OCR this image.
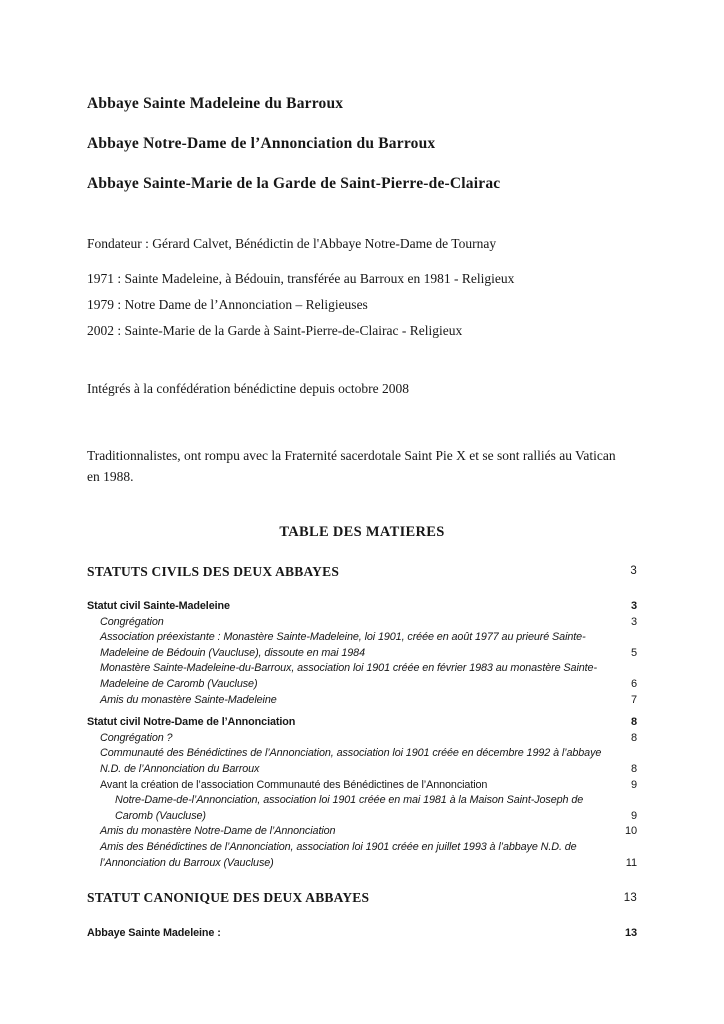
Abbaye Sainte Madeleine du Barroux

Abbaye Notre-Dame de l’Annonciation du Barroux

Abbaye Sainte-Marie de la Garde de Saint-Pierre-de-Clairac

Fondateur : Gérard Calvet, Bénédictin de l'Abbaye Notre-Dame de Tournay

1971 : Sainte Madeleine, à Bédouin, transférée au Barroux en 1981 - Religieux

1979 : Notre Dame de l’Annonciation – Religieuses

2002 : Sainte-Marie de la Garde à Saint-Pierre-de-Clairac - Religieux

Intégrés à la confédération bénédictine depuis octobre 2008

Traditionnalistes, ont rompu avec la Fraternité sacerdotale Saint Pie X et se sont ralliés au Vatican en 1988.

TABLE DES MATIERES

STATUTS CIVILS DES DEUX ABBAYES	3
Statut civil Sainte-Madeleine	3
Congrégation	3
Association préexistante : Monastère Sainte-Madeleine, loi 1901, créée en août 1977 au prieuré Sainte-Madeleine de Bédouin (Vaucluse), dissoute en mai 1984	5
Monastère Sainte-Madeleine-du-Barroux, association loi 1901 créée en février 1983 au monastère Sainte-Madeleine de Caromb (Vaucluse)	6
Amis du monastère Sainte-Madeleine	7
Statut civil Notre-Dame de l’Annonciation	8
Congrégation ?	8
Communauté des Bénédictines de l’Annonciation, association loi 1901 créée en décembre 1992 à l’abbaye N.D. de l’Annonciation du Barroux	8
Avant la création de l’association Communauté des Bénédictines de l’Annonciation	9
Notre-Dame-de-l’Annonciation, association loi 1901 créée en mai 1981 à la Maison Saint-Joseph de Caromb (Vaucluse)	9
Amis du monastère Notre-Dame de l’Annonciation	10
Amis des Bénédictines de l’Annonciation, association loi 1901 créée en juillet 1993 à l’abbaye N.D. de l’Annonciation du Barroux (Vaucluse)	11
STATUT CANONIQUE DES DEUX ABBAYES	13
Abbaye Sainte Madeleine :	13
